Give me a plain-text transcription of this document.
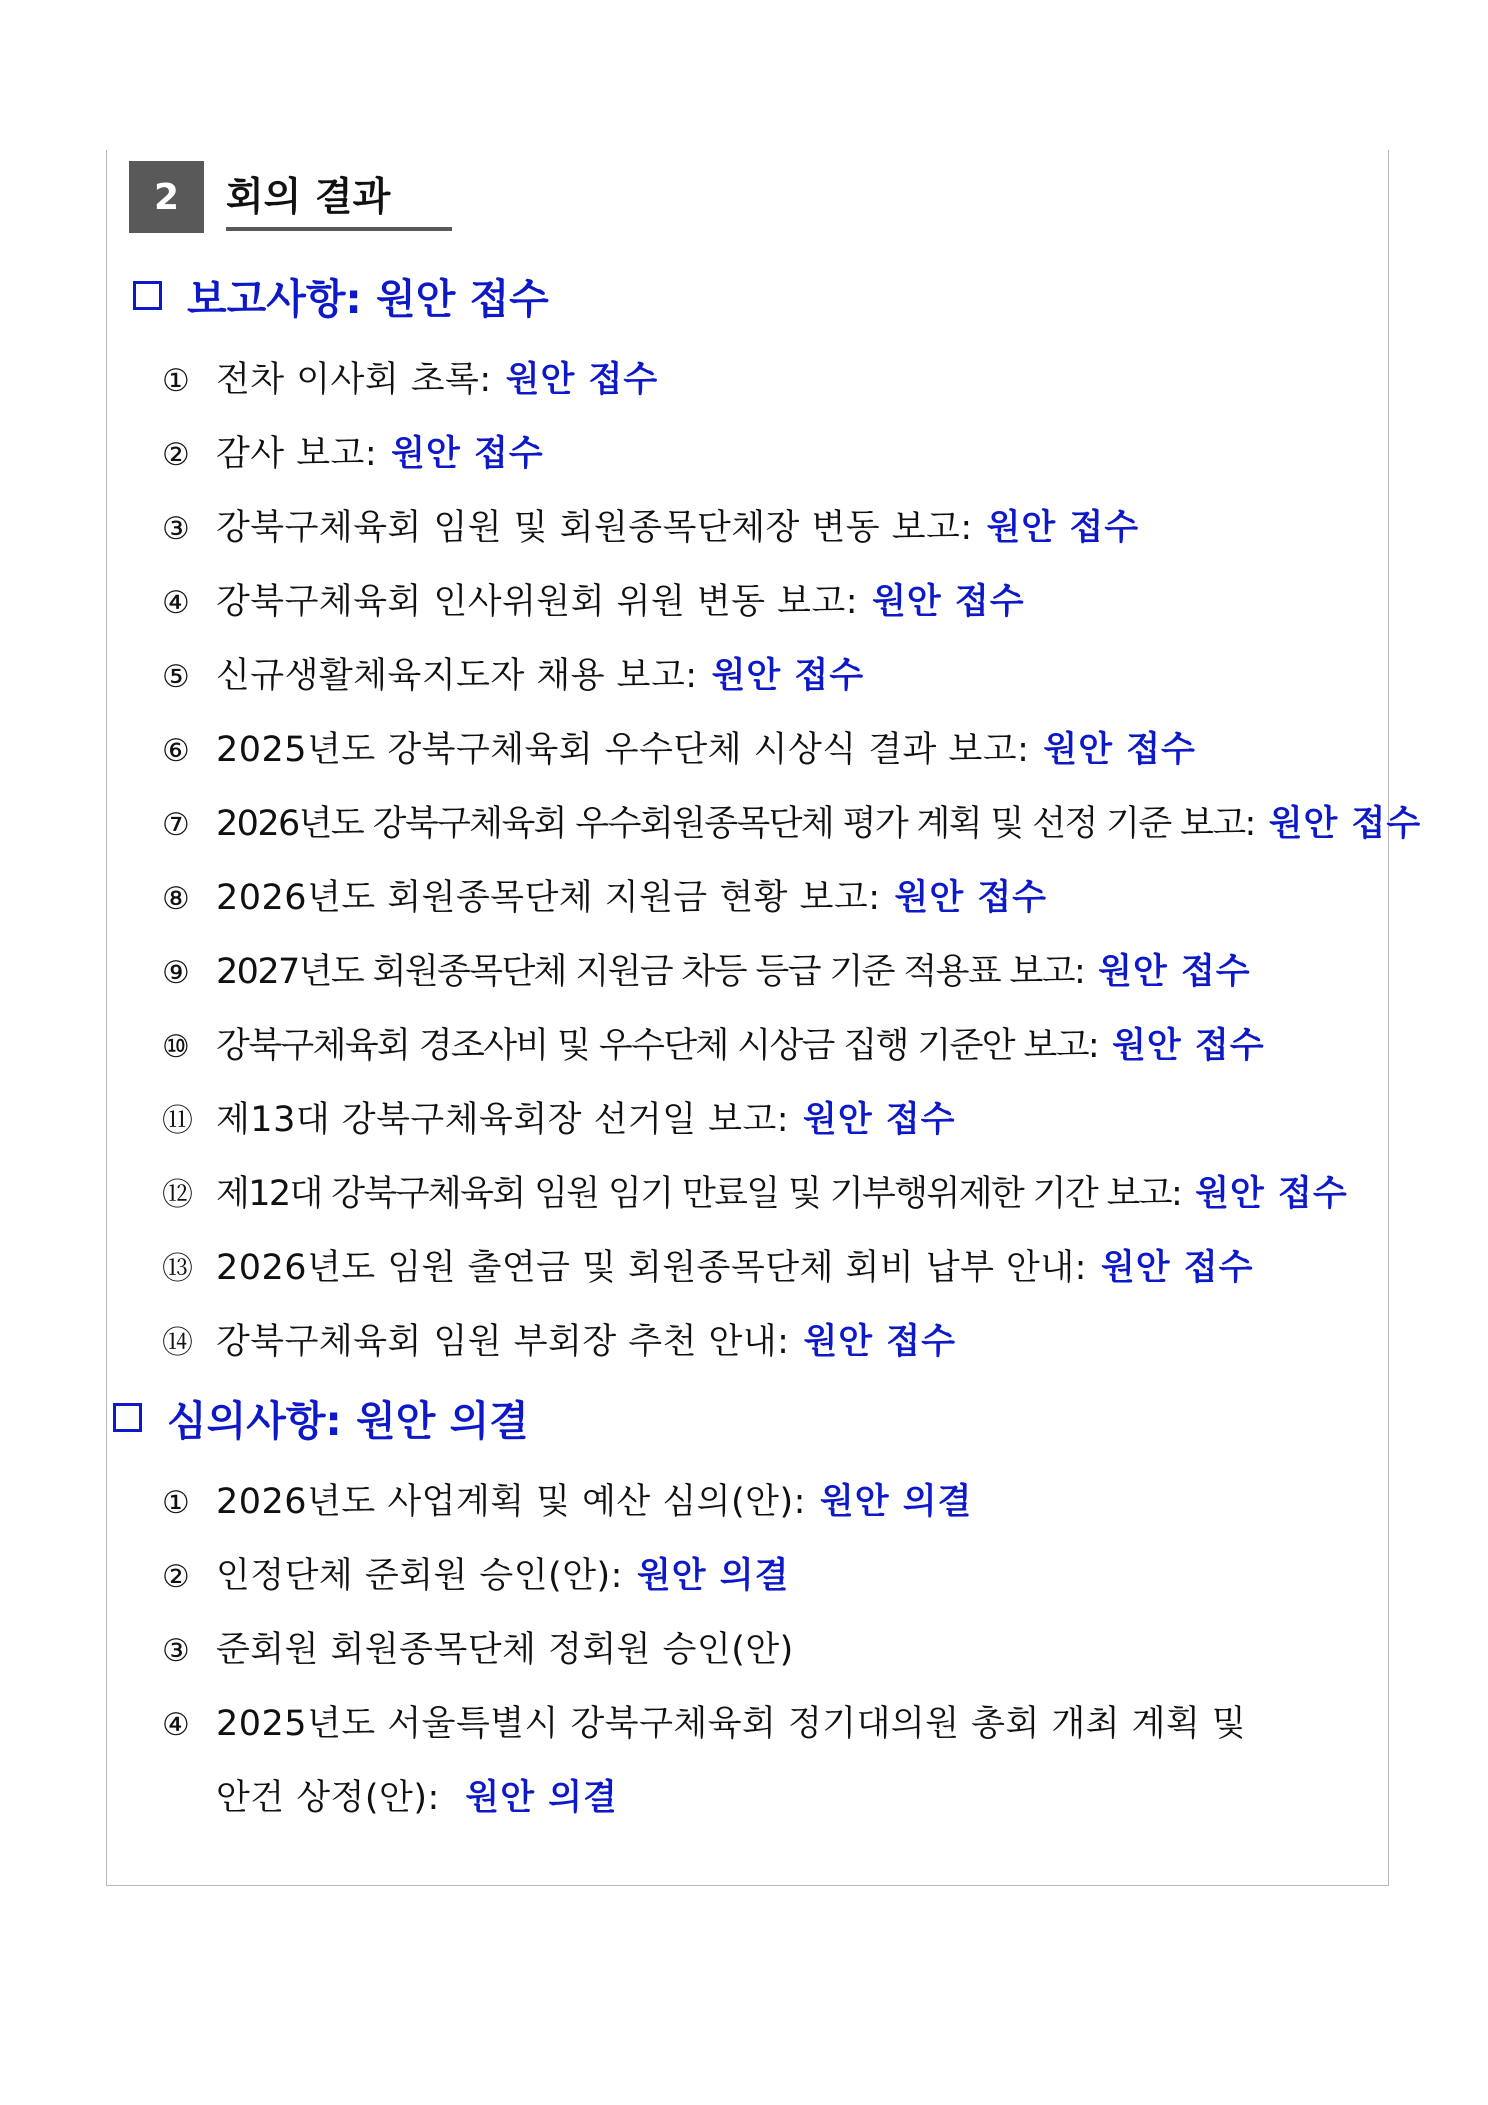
2	회의 결과
보고사항: 원안 접수
① 전차 이사회 초록: 원안 접수
② 감사 보고: 원안 접수
③ 강북구체육회 임원 및 회원종목단체장 변동 보고: 원안 접수
④ 강북구체육회 인사위원회 위원 변동 보고: 원안 접수
⑤ 신규생활체육지도자 채용 보고: 원안 접수
⑥ 2025년도 강북구체육회 우수단체 시상식 결과 보고: 원안 접수
⑦ 2026년도 강북구체육회 우수회원종목단체 평가 계획 및 선정 기준 보고: 원안 접수
⑧ 2026년도 회원종목단체 지원금 현황 보고: 원안 접수
⑨ 2027년도 회원종목단체 지원금 차등 등급 기준 적용표 보고: 원안 접수
⑩ 강북구체육회 경조사비 및 우수단체 시상금 집행 기준안 보고: 원안 접수
⑪ 제13대 강북구체육회장 선거일 보고: 원안 접수
⑫ 제12대 강북구체육회 임원 임기 만료일 및 기부행위제한 기간 보고: 원안 접수
⑬ 2026년도 임원 출연금 및 회원종목단체 회비 납부 안내: 원안 접수
⑭ 강북구체육회 임원 부회장 추천 안내: 원안 접수
심의사항: 원안 의결
① 2026년도 사업계획 및 예산 심의(안): 원안 의결
② 인정단체 준회원 승인(안): 원안 의결
③ 준회원 회원종목단체 정회원 승인(안)
④ 2025년도 서울특별시 강북구체육회 정기대의원 총회 개최 계획 및
안건 상정(안): 원안 의결
